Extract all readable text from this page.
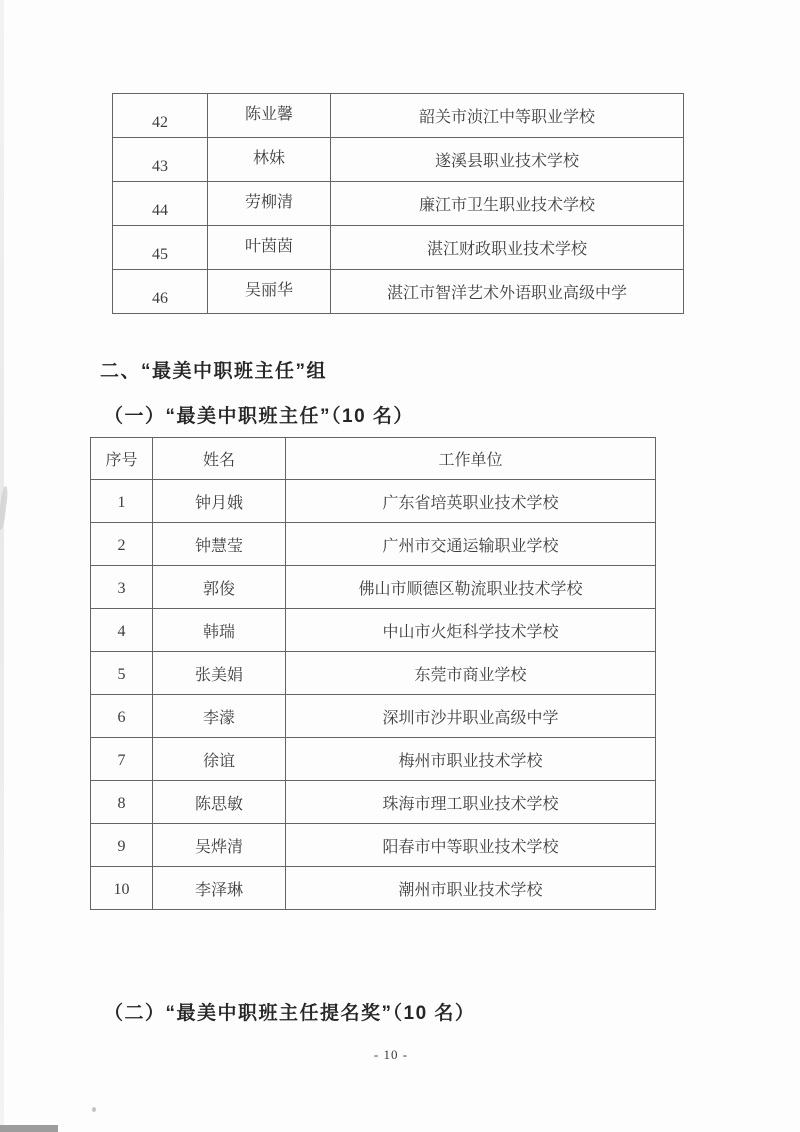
42	陈业馨	韶关市浈江中等职业学校
43	林妹	遂溪县职业技术学校
44	劳柳清	廉江市卫生职业技术学校
45	叶茵茵	湛江财政职业技术学校
46	吴丽华	湛江市智洋艺术外语职业高级中学
二、“最美中职班主任”组
（一）“最美中职班主任”（10 名）
序号	姓名	工作单位
1	钟月娥	广东省培英职业技术学校
2	钟慧莹	广州市交通运输职业学校
3	郭俊	佛山市顺德区勒流职业技术学校
4	韩瑞	中山市火炬科学技术学校
5	张美娟	东莞市商业学校
6	李濛	深圳市沙井职业高级中学
7	徐谊	梅州市职业技术学校
8	陈思敏	珠海市理工职业技术学校
9	吴烨清	阳春市中等职业技术学校
10	李泽琳	潮州市职业技术学校
（二）“最美中职班主任提名奖”（10 名）
- 10 -
